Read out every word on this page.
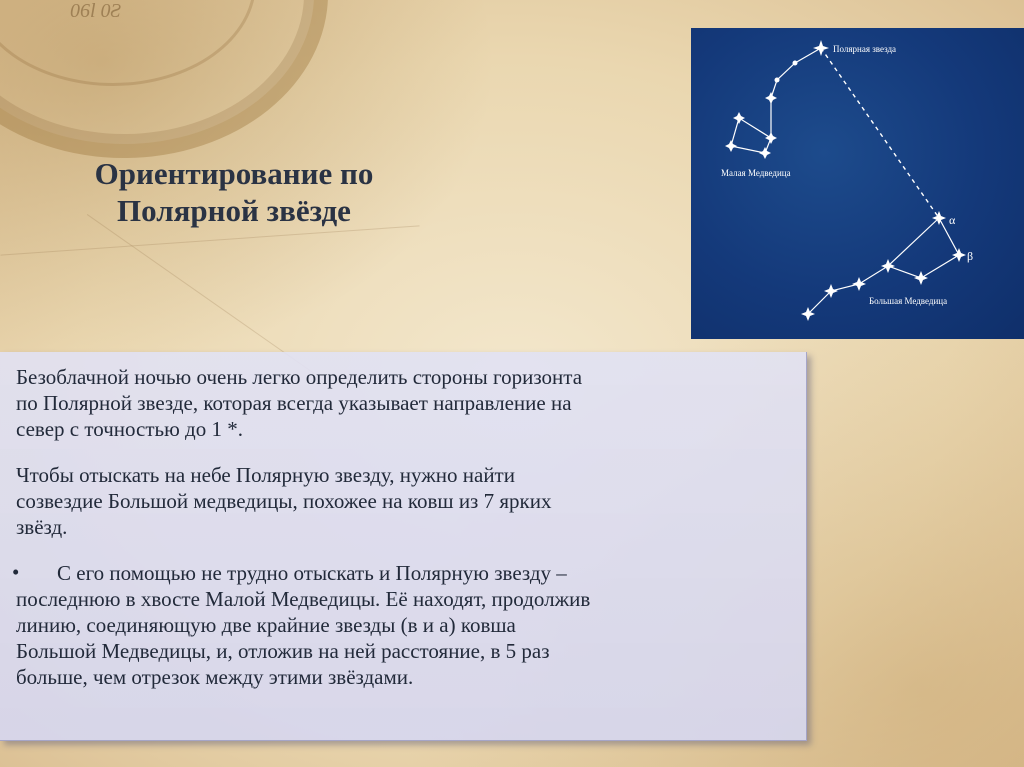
06l 0Ƨ
Ориентирование по
Полярной звёзде
Полярная звезда
Малая Медведица
α
β
Большая Медведица
Безоблачной ночью очень легко определить стороны горизонта
по Полярной звезде, которая всегда указывает направление на
север с точностью до 1 *.
Чтобы отыскать на небе Полярную звезду, нужно найти
созвездие Большой медведицы, похожее на ковш из 7 ярких
звёзд.
• С его помощью не трудно отыскать и Полярную звезду –
последнюю в хвосте Малой Медведицы. Её находят, продолжив
линию, соединяющую две крайние звезды (в и а) ковша
Большой Медведицы, и, отложив на ней расстояние, в 5 раз
больше, чем отрезок между этими звёздами.
